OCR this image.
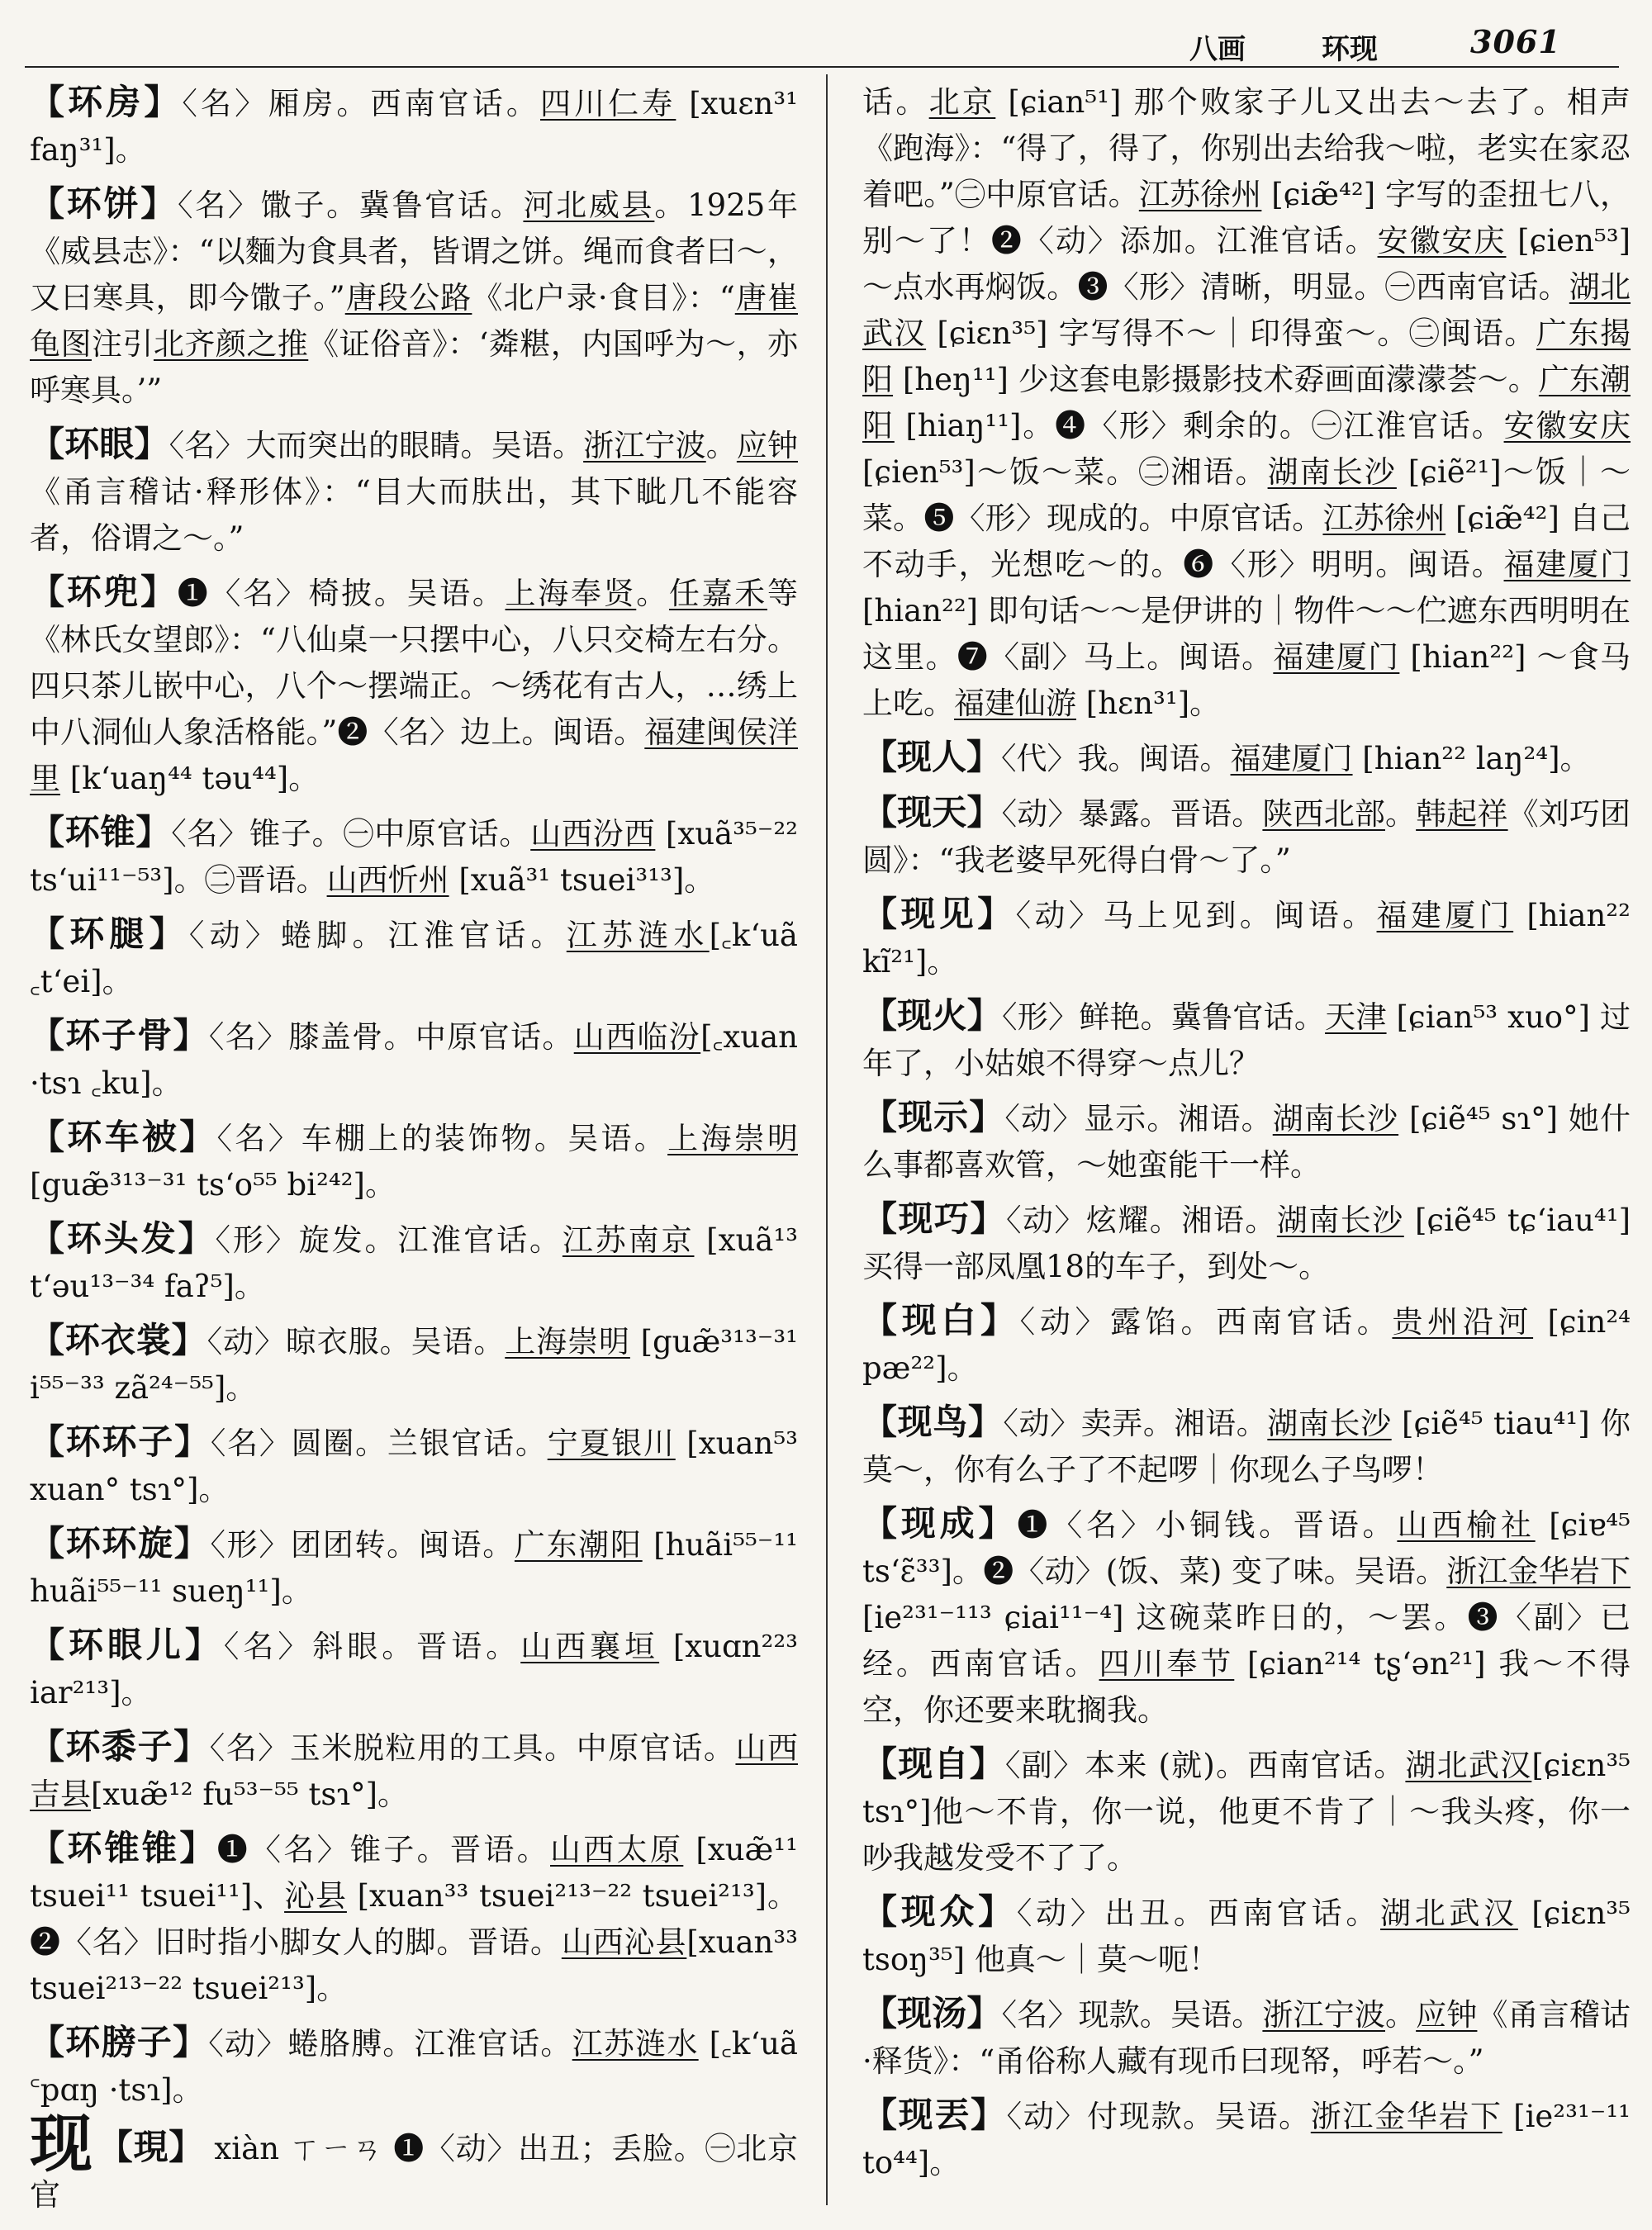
八画	环现	3061

【 环房 】 〈名〉厢房。西南官话。四川仁寿 [xuɛn³¹ faŋ³¹]。

【 环饼 】 〈名〉馓子。冀鲁官话。河北威县。1925年《威县志》：“以麵为食具者，皆谓之饼。绳而食者曰～，又曰寒具，即今馓子。”唐段公路《北户录·食目》：“唐崔龟图注引北齐颜之推《证俗音》：‘粦糂，内国呼为～，亦呼寒具。’”

【 环眼 】 〈名〉大而突出的眼睛。吴语。浙江宁波。应钟《甬言稽诂·释形体》：“目大而肤出，其下眦几不能容者，俗谓之～。”

【 环兜 】 ❶〈名〉椅披。吴语。上海奉贤。任嘉禾等《林氏女望郎》：“八仙桌一只摆中心，八只交椅左右分。四只茶儿嵌中心，八个～摆端正。～绣花有古人，…绣上中八洞仙人象活格能。”❷〈名〉边上。闽语。福建闽侯洋里 [k‘uaŋ⁴⁴ təu⁴⁴]。

【 环锥 】 〈名〉锥子。㊀中原官话。山西汾西 [xuã³⁵⁻²² ts‘ui¹¹⁻⁵³]。㊁晋语。山西忻州 [xuã³¹ tsuei³¹³]。

【 环腿 】 〈动〉蜷脚。江淮官话。江苏涟水[꜀k‘uã ꜀t‘ei]。

【 环子骨 】 〈名〉膝盖骨。中原官话。山西临汾[꜀xuan ·tsɿ ꜀ku]。

【 环车被 】 〈名〉车棚上的装饰物。吴语。上海崇明 [guæ̃³¹³⁻³¹ ts‘o⁵⁵ bi²⁴²]。

【 环头发 】 〈形〉旋发。江淮官话。江苏南京 [xuã¹³ t‘əu¹³⁻³⁴ faʔ⁵]。

【 环衣裳 】 〈动〉晾衣服。吴语。上海崇明 [guæ̃³¹³⁻³¹ i⁵⁵⁻³³ zã²⁴⁻⁵⁵]。

【 环环子 】 〈名〉圆圈。兰银官话。宁夏银川 [xuan⁵³ xuan° tsɿ°]。

【 环环旋 】 〈形〉团团转。闽语。广东潮阳 [huãi⁵⁵⁻¹¹ huãi⁵⁵⁻¹¹ sueŋ¹¹]。

【 环眼儿 】 〈名〉斜眼。晋语。山西襄垣 [xuɑn²²³ iar²¹³]。

【 环黍子 】 〈名〉玉米脱粒用的工具。中原官话。山西吉县[xuæ̃¹² fu⁵³⁻⁵⁵ tsɿ°]。

【 环锥锥 】 ❶〈名〉锥子。晋语。山西太原 [xuæ̃¹¹ tsuei¹¹ tsuei¹¹]、沁县 [xuan³³ tsuei²¹³⁻²² tsuei²¹³]。❷〈名〉旧时指小脚女人的脚。晋语。山西沁县[xuan³³ tsuei²¹³⁻²² tsuei²¹³]。

【 环膀子 】 〈动〉蜷胳膊。江淮官话。江苏涟水 [꜀k‘uã ꜂pɑŋ ·tsɿ]。

现【 現 】 xiàn ㄒㄧㄢ ❶〈动〉出丑；丢脸。㊀北京官

话。北京 [ɕian⁵¹] 那个败家子儿又出去～去了。相声《跑海》：“得了，得了，你别出去给我～啦，老实在家忍着吧。”㊁中原官话。江苏徐州 [ɕiæ̃⁴²] 字写的歪扭七八，别～了！❷〈动〉添加。江淮官话。安徽安庆 [ɕien⁵³] ～点水再焖饭。❸〈形〉清晰，明显。㊀西南官话。湖北武汉 [ɕiɛn³⁵] 字写得不～｜印得蛮～。㊁闽语。广东揭阳 [heŋ¹¹] 少这套电影摄影技术孬画面濛濛荟～。广东潮阳 [hiaŋ¹¹]。❹〈形〉剩余的。㊀江淮官话。安徽安庆 [ɕien⁵³]～饭～菜。㊁湘语。湖南长沙 [ɕiẽ²¹]～饭｜～菜。❺〈形〉现成的。中原官话。江苏徐州 [ɕiæ̃⁴²] 自己不动手，光想吃～的。❻〈形〉明明。闽语。福建厦门 [hian²²] 即句话～～是伊讲的｜物件～～伫遮东西明明在这里。❼〈副〉马上。闽语。福建厦门 [hian²²] ～食马上吃。福建仙游 [hɛn³¹]。

【 现人 】 〈代〉我。闽语。福建厦门 [hian²² laŋ²⁴]。

【 现天 】 〈动〉暴露。晋语。陕西北部。韩起祥《刘巧团圆》：“我老婆早死得白骨～了。”

【 现见 】 〈动〉马上见到。闽语。福建厦门 [hian²² kĩ²¹]。

【 现火 】 〈形〉鲜艳。冀鲁官话。天津 [ɕian⁵³ xuo°] 过年了，小姑娘不得穿～点儿？

【 现示 】 〈动〉显示。湘语。湖南长沙 [ɕiẽ⁴⁵ sɿ°] 她什么事都喜欢管，～她蛮能干一样。

【 现巧 】 〈动〉炫耀。湘语。湖南长沙 [ɕiẽ⁴⁵ tɕ‘iau⁴¹] 买得一部凤凰18的车子，到处～。

【 现白 】 〈动〉露馅。西南官话。贵州沿河 [ɕin²⁴ pæ²²]。

【 现鸟 】 〈动〉卖弄。湘语。湖南长沙 [ɕiẽ⁴⁵ tiau⁴¹] 你莫～，你有么子了不起啰｜你现么子鸟啰！

【 现成 】 ❶〈名〉小铜钱。晋语。山西榆社 [ɕiɐ⁴⁵ ts‘ɛ̃³³]。❷〈动〉(饭、菜) 变了味。吴语。浙江金华岩下 [ie²³¹⁻¹¹³ ɕiai¹¹⁻⁴] 这碗菜昨日的，～罢。❸〈副〉已经。西南官话。四川奉节 [ɕian²¹⁴ tʂ‘ən²¹] 我～不得空，你还要来耽搁我。

【 现自 】 〈副〉本来 (就)。西南官话。湖北武汉[ɕiɛn³⁵ tsɿ°]他～不肯，你一说，他更不肯了｜～我头疼，你一吵我越发受不了了。

【 现众 】 〈动〉出丑。西南官话。湖北武汉 [ɕiɛn³⁵ tsoŋ³⁵] 他真～｜莫～呃！

【 现汤 】 〈名〉现款。吴语。浙江宁波。应钟《甬言稽诂·释货》：“甬俗称人藏有现币曰现帑，呼若～。”

【 现丟 】 〈动〉付现款。吴语。浙江金华岩下 [ie²³¹⁻¹¹ to⁴⁴]。
